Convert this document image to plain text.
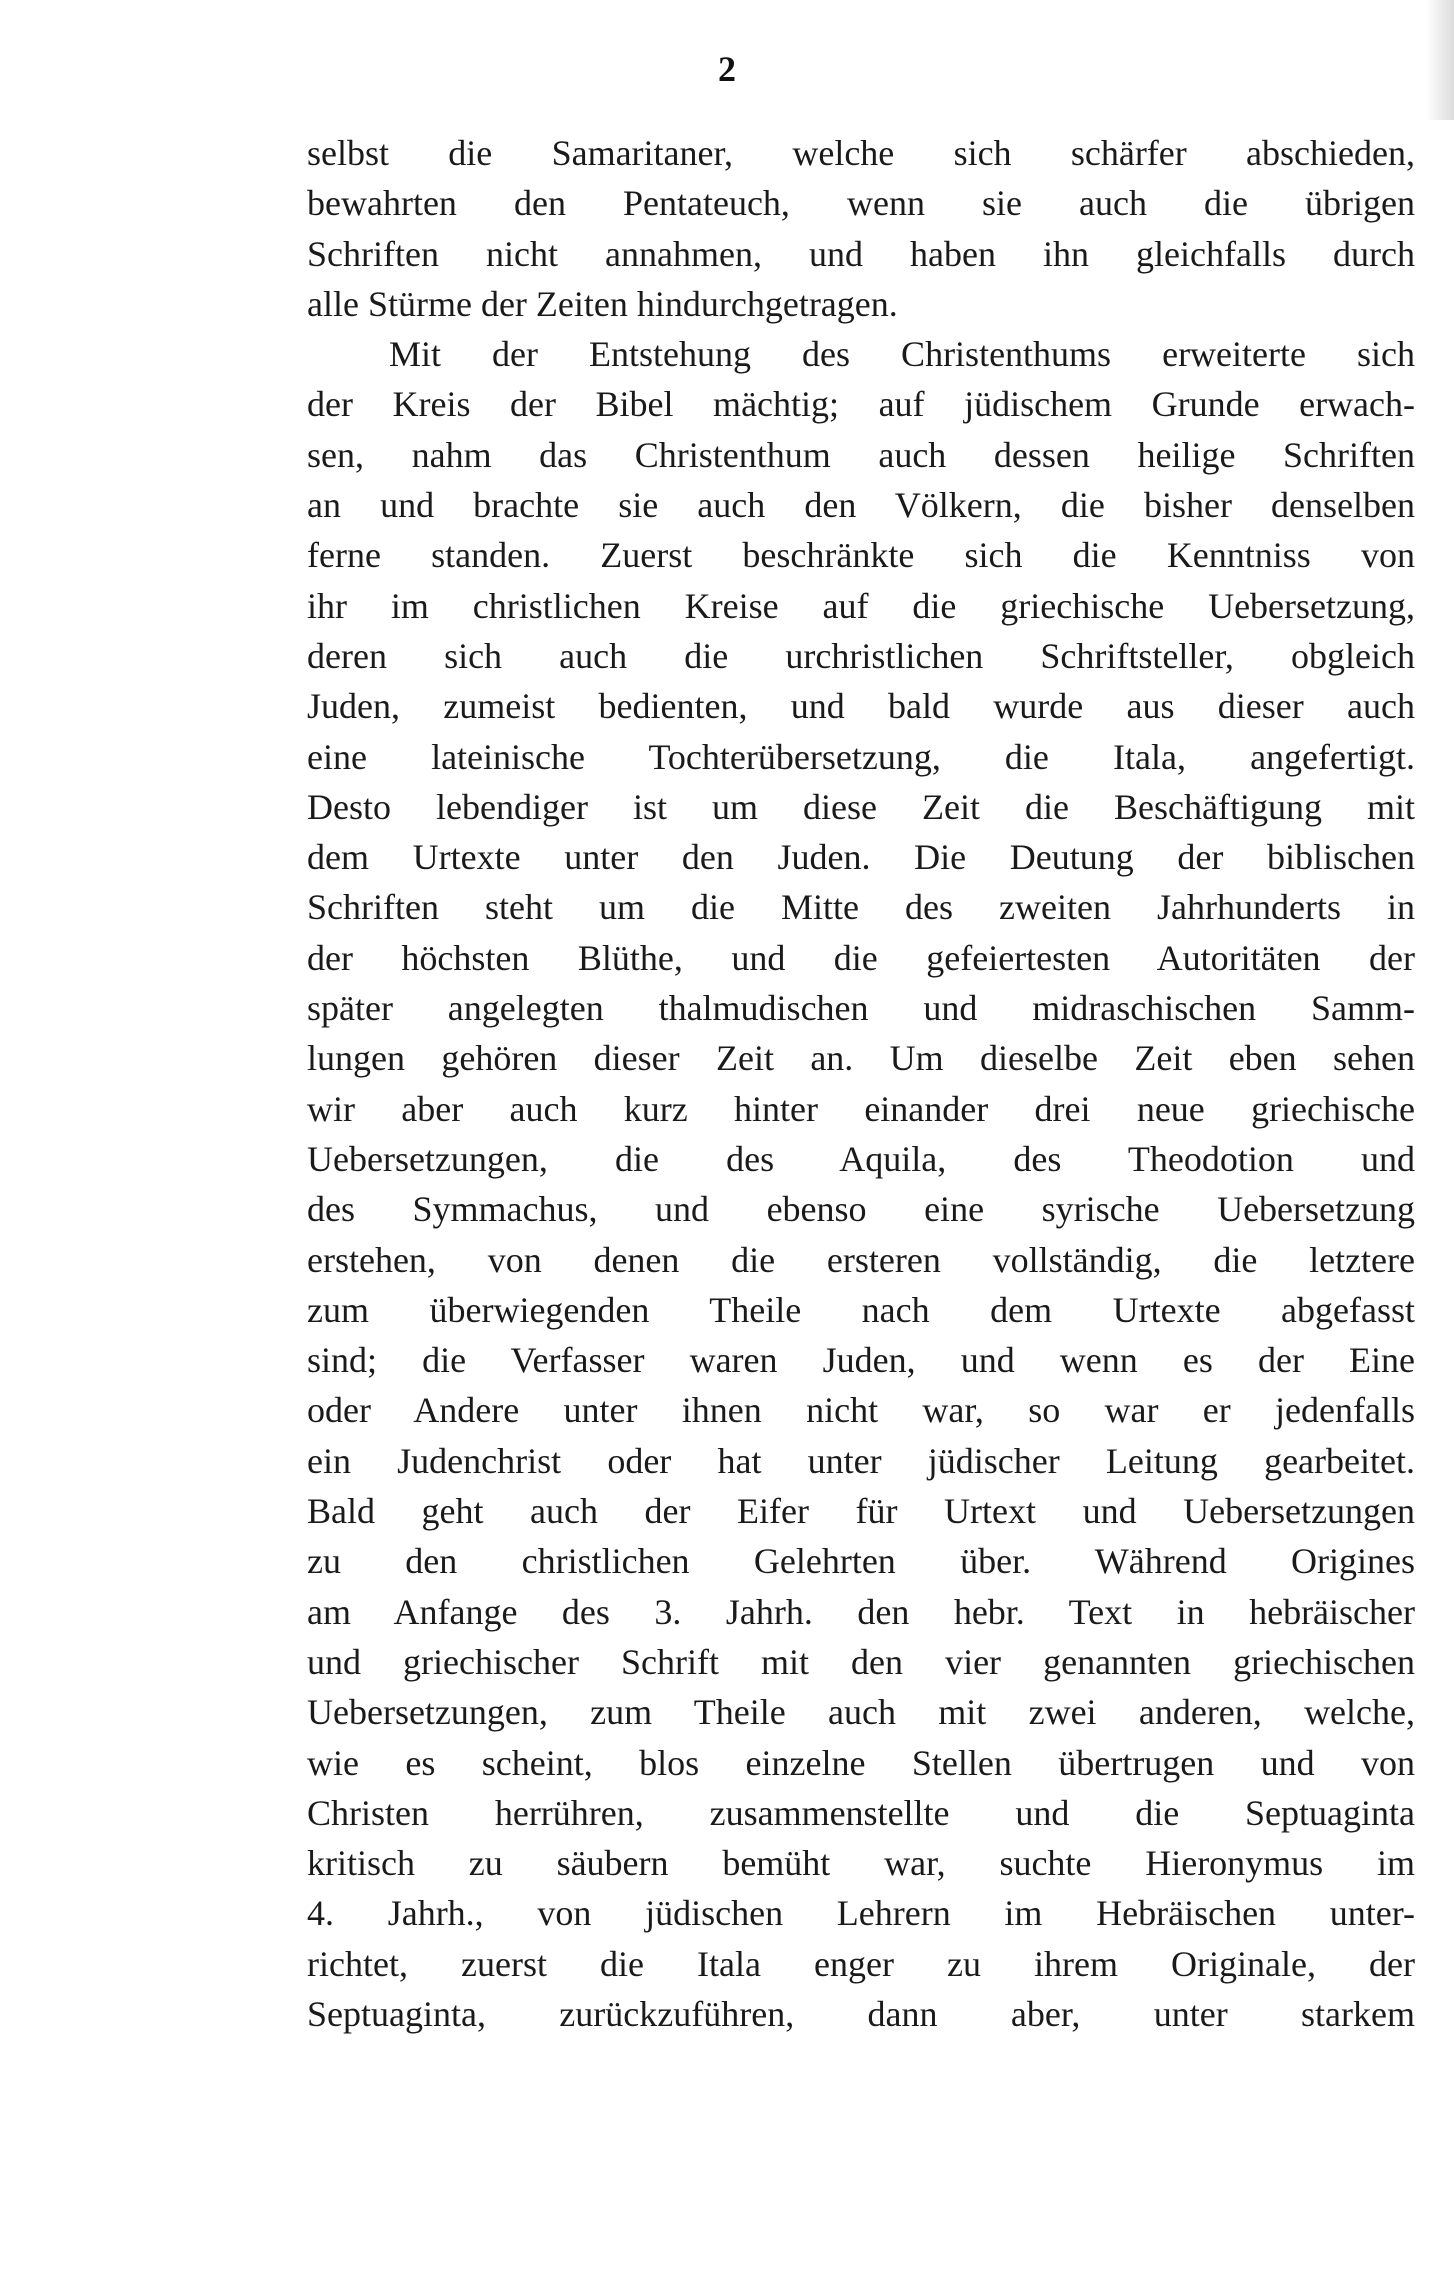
2
selbst die Samaritaner, welche sich schärfer abschieden,
bewahrten den Pentateuch, wenn sie auch die übrigen
Schriften nicht annahmen, und haben ihn gleichfalls durch
alle Stürme der Zeiten hindurchgetragen.
Mit der Entstehung des Christenthums erweiterte sich
der Kreis der Bibel mächtig; auf jüdischem Grunde erwach-
sen, nahm das Christenthum auch dessen heilige Schriften
an und brachte sie auch den Völkern, die bisher denselben
ferne standen. Zuerst beschränkte sich die Kenntniss von
ihr im christlichen Kreise auf die griechische Uebersetzung,
deren sich auch die urchristlichen Schriftsteller, obgleich
Juden, zumeist bedienten, und bald wurde aus dieser auch
eine lateinische Tochterübersetzung, die Itala, angefertigt.
Desto lebendiger ist um diese Zeit die Beschäftigung mit
dem Urtexte unter den Juden. Die Deutung der biblischen
Schriften steht um die Mitte des zweiten Jahrhunderts in
der höchsten Blüthe, und die gefeiertesten Autoritäten der
später angelegten thalmudischen und midraschischen Samm-
lungen gehören dieser Zeit an. Um dieselbe Zeit eben sehen
wir aber auch kurz hinter einander drei neue griechische
Uebersetzungen, die des Aquila, des Theodotion und
des Symmachus, und ebenso eine syrische Uebersetzung
erstehen, von denen die ersteren vollständig, die letztere
zum überwiegenden Theile nach dem Urtexte abgefasst
sind; die Verfasser waren Juden, und wenn es der Eine
oder Andere unter ihnen nicht war, so war er jedenfalls
ein Judenchrist oder hat unter jüdischer Leitung gearbeitet.
Bald geht auch der Eifer für Urtext und Uebersetzungen
zu den christlichen Gelehrten über. Während Origines
am Anfange des 3. Jahrh. den hebr. Text in hebräischer
und griechischer Schrift mit den vier genannten griechischen
Uebersetzungen, zum Theile auch mit zwei anderen, welche,
wie es scheint, blos einzelne Stellen übertrugen und von
Christen herrühren, zusammenstellte und die Septuaginta
kritisch zu säubern bemüht war, suchte Hieronymus im
4. Jahrh., von jüdischen Lehrern im Hebräischen unter-
richtet, zuerst die Itala enger zu ihrem Originale, der
Septuaginta, zurückzuführen, dann aber, unter starkem
